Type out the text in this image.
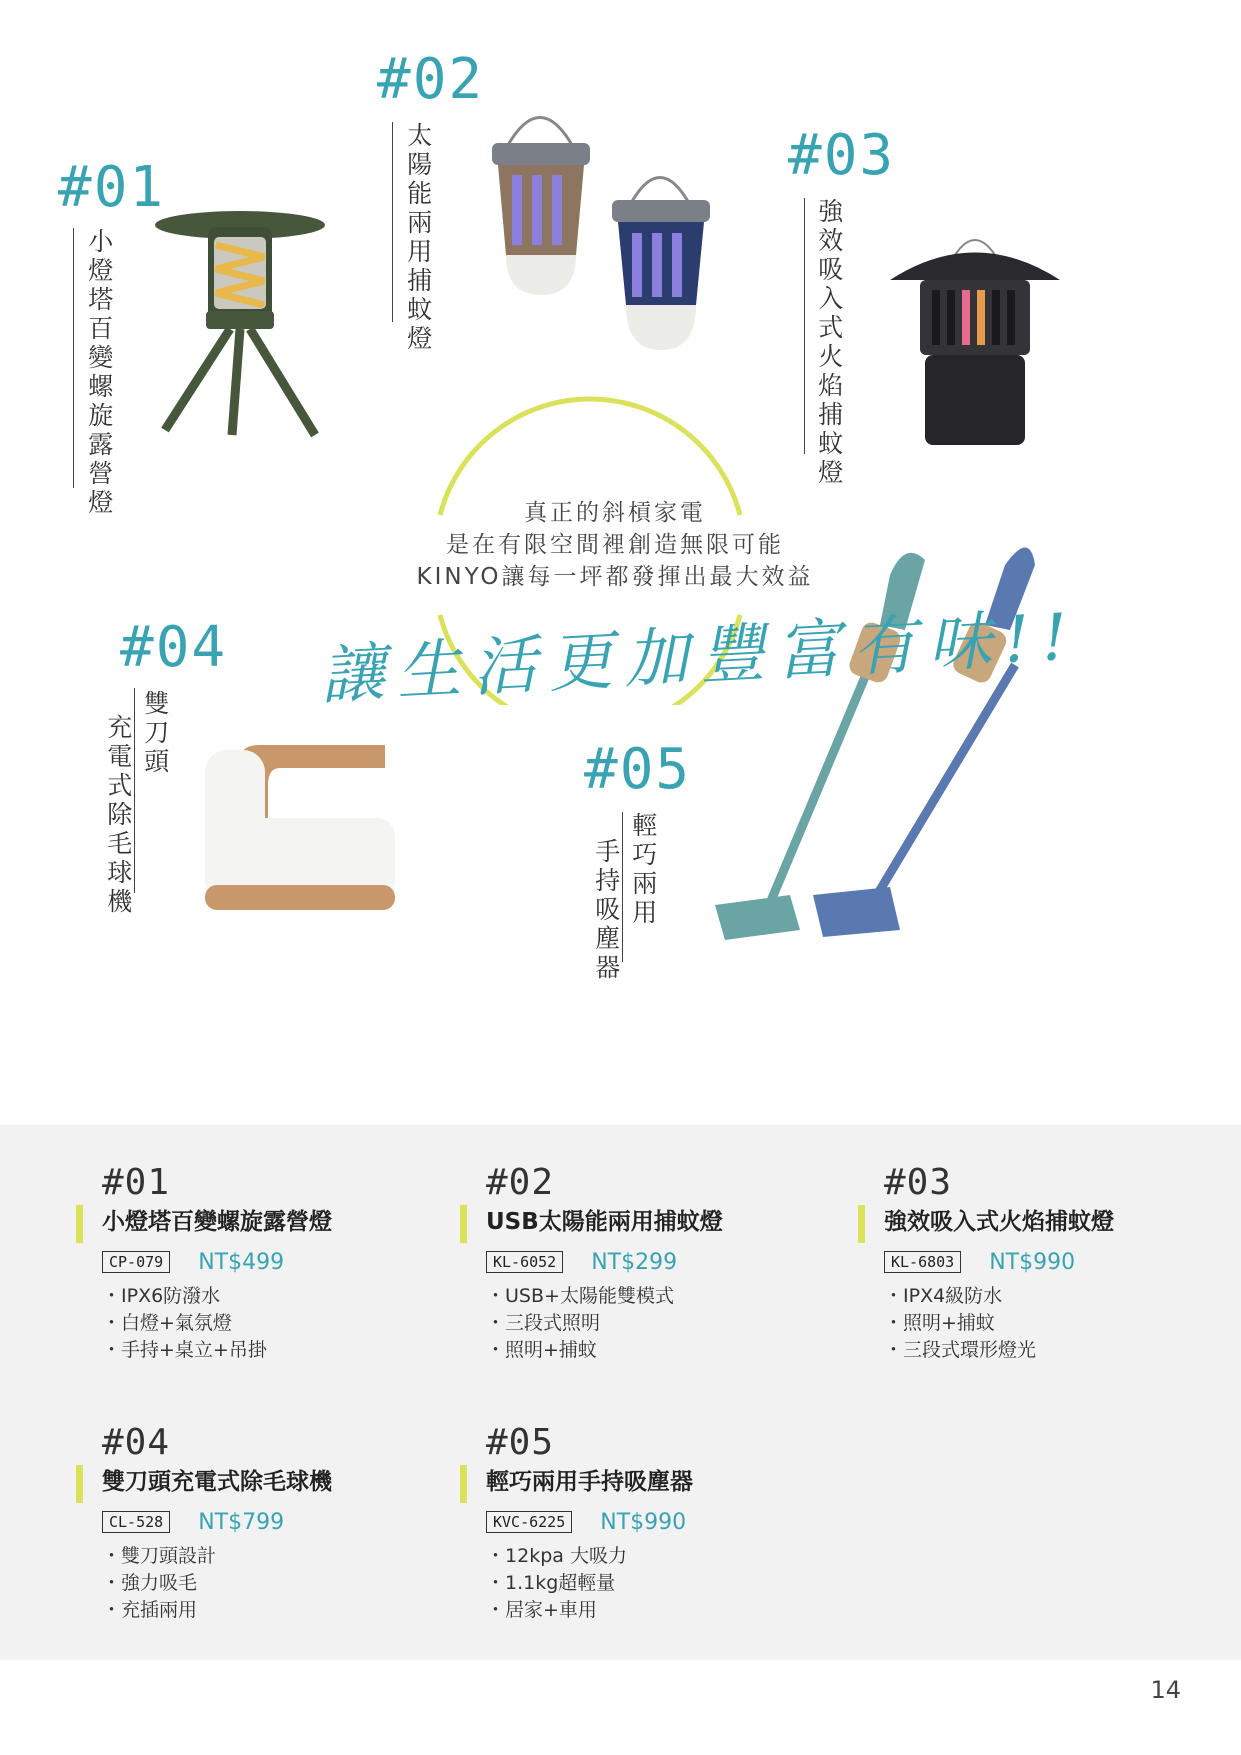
#01
小燈塔百變螺旋露營燈
#02
太陽能兩用捕蚊燈	#03
強效吸入式火焰捕蚊燈
#04
雙刀頭
充電式除毛球機	#05
輕巧兩用
手持吸塵器
真正的斜槓家電
是在有限空間裡創造無限可能
KINYO讓每一坪都發揮出最大效益
讓生活更加豐富有味!!
#01
小燈塔百變螺旋露營燈
CP-079	NT$499
・ IPX6防潑水
・ 白燈+氣氛燈
・ 手持+桌立+吊掛
#02
USB太陽能兩用捕蚊燈
KL-6052	NT$299
・ USB+太陽能雙模式
・ 三段式照明
・ 照明+捕蚊
#03
強效吸入式火焰捕蚊燈
KL-6803	NT$990
・ IPX4級防水
・ 照明+捕蚊
・ 三段式環形燈光
#04
雙刀頭充電式除毛球機
CL-528	NT$799
・ 雙刀頭設計
・ 強力吸毛
・ 充插兩用
#05
輕巧兩用手持吸塵器
KVC-6225	NT$990
・ 12kpa 大吸力
・ 1.1kg超輕量
・ 居家+車用
14
